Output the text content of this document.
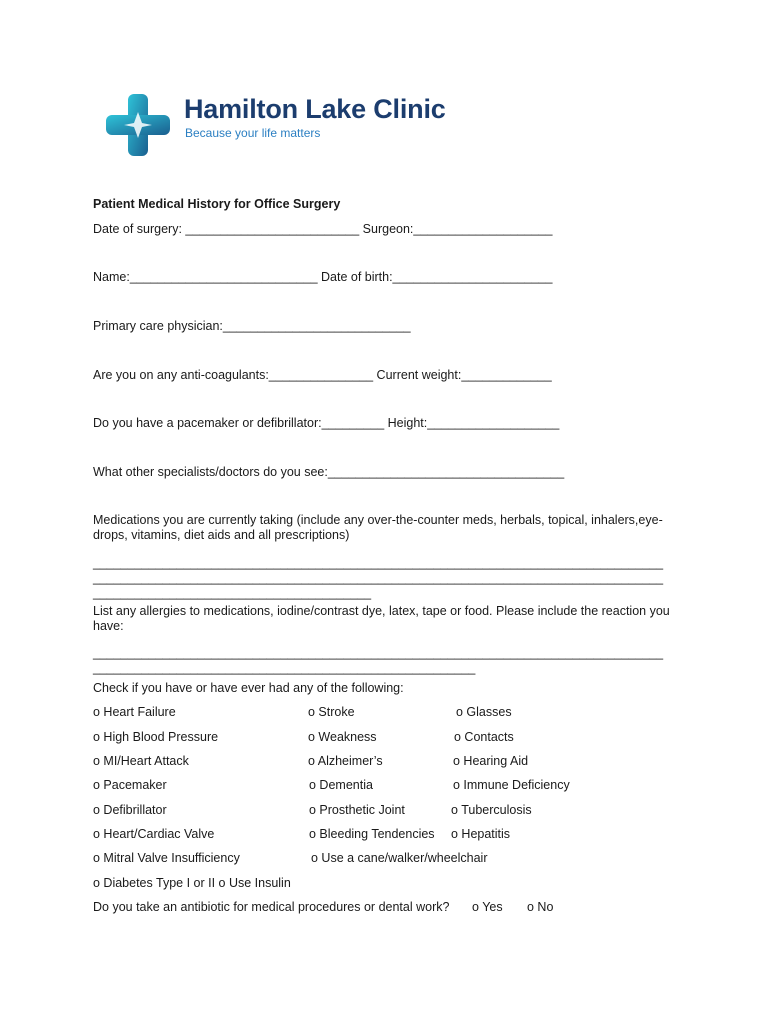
Hamilton Lake Clinic
Because your life matters
Patient Medical History for Office Surgery
Date of surgery: _________________________ Surgeon:____________________
Name:___________________________ Date of birth:_______________________
Primary care physician:___________________________
Are you on any anti-coagulants:_______________ Current weight:_____________
Do you have a pacemaker or defibrillator:_________ Height:___________________
What other specialists/doctors do you see:__________________________________
Medications you are currently taking (include any over-the-counter meds, herbals, topical, inhalers,eye-drops, vitamins, diet aids and all prescriptions)
__________________________________________________________________________________
__________________________________________________________________________________
________________________________________
List any allergies to medications, iodine/contrast dye, latex, tape or food. Please include the reaction you have:
__________________________________________________________________________________
_______________________________________________________
Check if you have or have ever had any of the following:
o Heart Failure	o Stroke	o Glasses
o High Blood Pressure	o Weakness	o Contacts
o MI/Heart Attack	o Alzheimer’s	o Hearing Aid
o Pacemaker	o Dementia	o Immune Deficiency
o Defibrillator	o Prosthetic Joint	o Tuberculosis
o Heart/Cardiac Valve	o Bleeding Tendencies o Hepatitis
o Mitral Valve Insufficiency	o Use a cane/walker/wheelchair
o Diabetes Type I or II o Use Insulin
Do you take an antibiotic for medical procedures or dental work? o Yes o No
